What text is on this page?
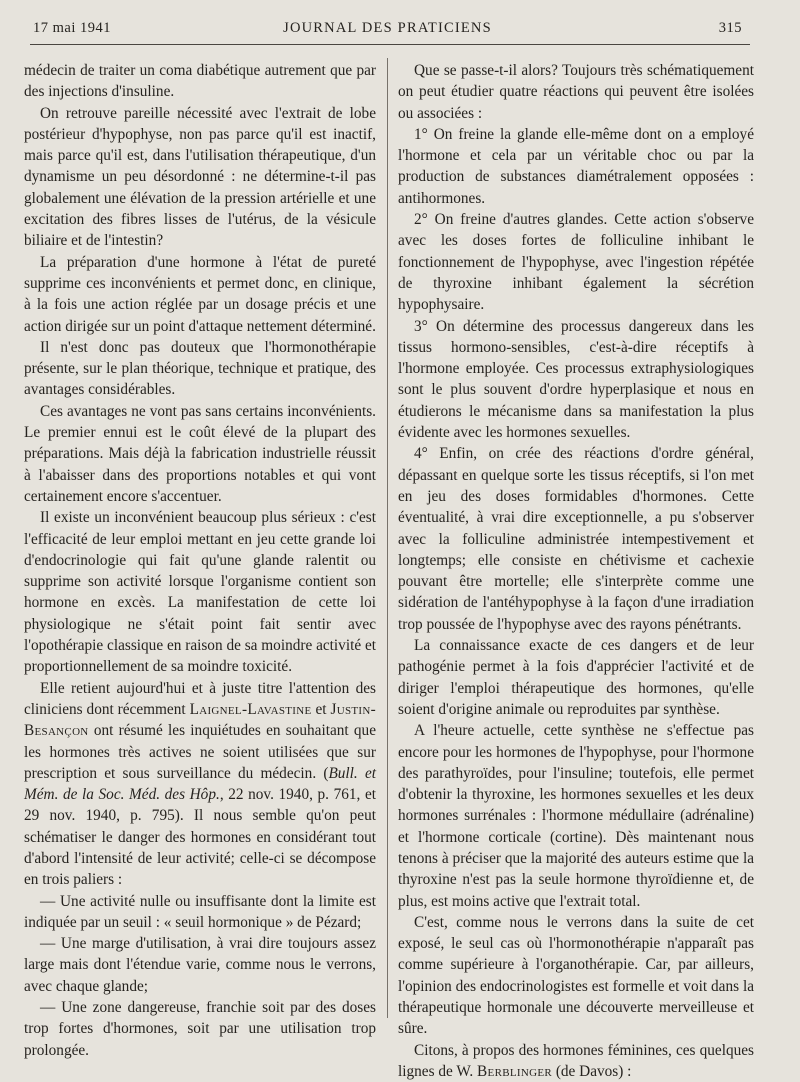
17 mai 1941	JOURNAL DES PRATICIENS	315

médecin de traiter un coma diabétique autrement que par des injections d'insuline.

On retrouve pareille nécessité avec l'extrait de lobe postérieur d'hypophyse, non pas parce qu'il est inactif, mais parce qu'il est, dans l'utilisation thérapeutique, d'un dynamisme un peu désordonné : ne détermine-t-il pas globalement une élévation de la pression artérielle et une excitation des fibres lisses de l'utérus, de la vésicule biliaire et de l'intestin?

La préparation d'une hormone à l'état de pureté supprime ces inconvénients et permet donc, en clinique, à la fois une action réglée par un dosage précis et une action dirigée sur un point d'attaque nettement déterminé.

Il n'est donc pas douteux que l'hormonothérapie présente, sur le plan théorique, technique et pratique, des avantages considérables.

Ces avantages ne vont pas sans certains inconvénients. Le premier ennui est le coût élevé de la plupart des préparations. Mais déjà la fabrication industrielle réussit à l'abaisser dans des proportions notables et qui vont certainement encore s'accentuer.

Il existe un inconvénient beaucoup plus sérieux : c'est l'efficacité de leur emploi mettant en jeu cette grande loi d'endocrinologie qui fait qu'une glande ralentit ou supprime son activité lorsque l'organisme contient son hormone en excès. La manifestation de cette loi physiologique ne s'était point fait sentir avec l'opothérapie classique en raison de sa moindre activité et proportionnellement de sa moindre toxicité.

Elle retient aujourd'hui et à juste titre l'attention des cliniciens dont récemment Laignel-Lavastine et Justin-Besançon ont résumé les inquiétudes en souhaitant que les hormones très actives ne soient utilisées que sur prescription et sous surveillance du médecin. (Bull. et Mém. de la Soc. Méd. des Hôp., 22 nov. 1940, p. 761, et 29 nov. 1940, p. 795). Il nous semble qu'on peut schématiser le danger des hormones en considérant tout d'abord l'intensité de leur activité; celle-ci se décompose en trois paliers :

— Une activité nulle ou insuffisante dont la limite est indiquée par un seuil : « seuil hormonique » de Pézard;

— Une marge d'utilisation, à vrai dire toujours assez large mais dont l'étendue varie, comme nous le verrons, avec chaque glande;

— Une zone dangereuse, franchie soit par des doses trop fortes d'hormones, soit par une utilisation trop prolongée.

Que se passe-t-il alors? Toujours très schématiquement on peut étudier quatre réactions qui peuvent être isolées ou associées :

1° On freine la glande elle-même dont on a employé l'hormone et cela par un véritable choc ou par la production de substances diamétralement opposées : antihormones.

2° On freine d'autres glandes. Cette action s'observe avec les doses fortes de folliculine inhibant le fonctionnement de l'hypophyse, avec l'ingestion répétée de thyroxine inhibant également la sécrétion hypophysaire.

3° On détermine des processus dangereux dans les tissus hormono-sensibles, c'est-à-dire réceptifs à l'hormone employée. Ces processus extraphysiologiques sont le plus souvent d'ordre hyperplasique et nous en étudierons le mécanisme dans sa manifestation la plus évidente avec les hormones sexuelles.

4° Enfin, on crée des réactions d'ordre général, dépassant en quelque sorte les tissus réceptifs, si l'on met en jeu des doses formidables d'hormones. Cette éventualité, à vrai dire exceptionnelle, a pu s'observer avec la folliculine administrée intempestivement et longtemps; elle consiste en chétivisme et cachexie pouvant être mortelle; elle s'interprète comme une sidération de l'antéhypophyse à la façon d'une irradiation trop poussée de l'hypophyse avec des rayons pénétrants.

La connaissance exacte de ces dangers et de leur pathogénie permet à la fois d'apprécier l'activité et de diriger l'emploi thérapeutique des hormones, qu'elle soient d'origine animale ou reproduites par synthèse.

A l'heure actuelle, cette synthèse ne s'effectue pas encore pour les hormones de l'hypophyse, pour l'hormone des parathyroïdes, pour l'insuline; toutefois, elle permet d'obtenir la thyroxine, les hormones sexuelles et les deux hormones surrénales : l'hormone médullaire (adrénaline) et l'hormone corticale (cortine). Dès maintenant nous tenons à préciser que la majorité des auteurs estime que la thyroxine n'est pas la seule hormone thyroïdienne et, de plus, est moins active que l'extrait total.

C'est, comme nous le verrons dans la suite de cet exposé, le seul cas où l'hormonothérapie n'apparaît pas comme supérieure à l'organothérapie. Car, par ailleurs, l'opinion des endocrinologistes est formelle et voit dans la thérapeutique hormonale une découverte merveilleuse et sûre.

Citons, à propos des hormones féminines, ces quelques lignes de W. Berblinger (de Davos) :
